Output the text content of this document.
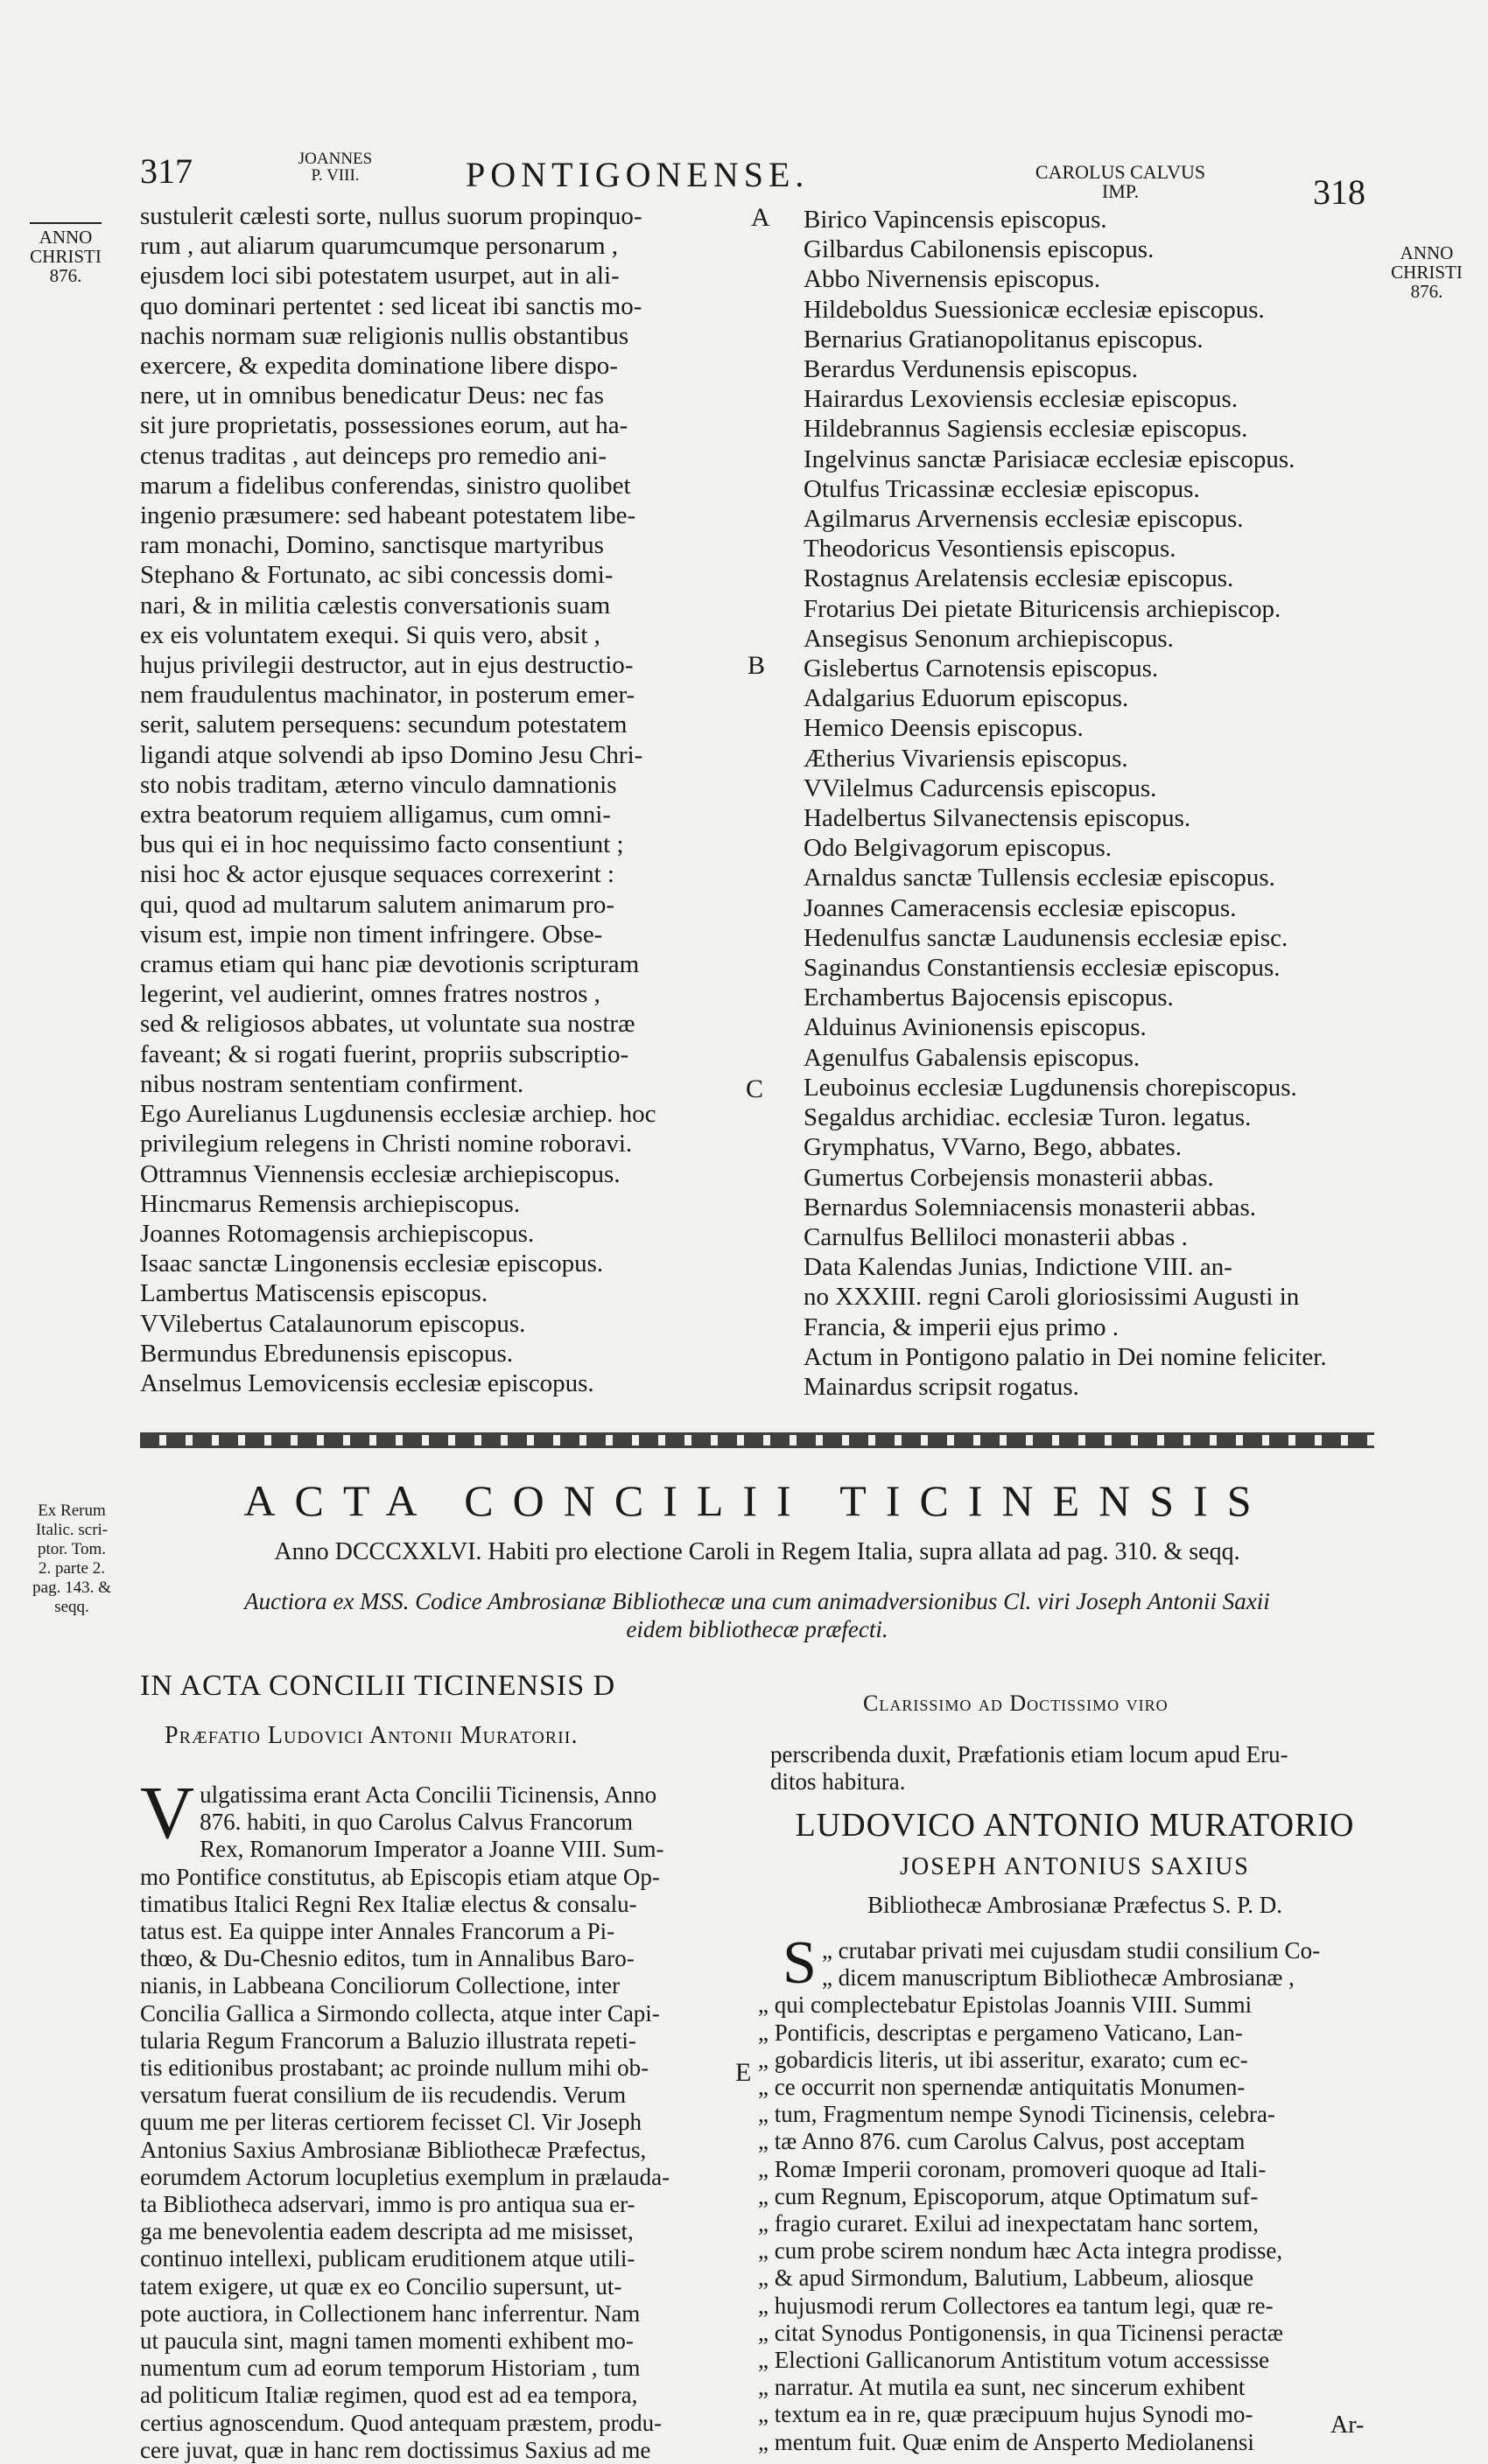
317	JOANNES
P. VIII.	PONTIGONENSE.	CAROLUS CALVUS
IMP.	318
ANNO
CHRISTI
876.
ANNO
CHRISTI
876.
A
B
C
sustulerit cælesti sorte, nullus suorum propinquo-
rum , aut aliarum quarumcumque personarum ,
ejusdem loci sibi potestatem usurpet, aut in ali-
quo dominari pertentet : sed liceat ibi sanctis mo-
nachis normam suæ religionis nullis obstantibus
exercere, & expedita dominatione libere dispo-
nere, ut in omnibus benedicatur Deus: nec fas
sit jure proprietatis, possessiones eorum, aut ha-
ctenus traditas , aut deinceps pro remedio ani-
marum a fidelibus conferendas, sinistro quolibet
ingenio præsumere: sed habeant potestatem libe-
ram monachi, Domino, sanctisque martyribus
Stephano & Fortunato, ac sibi concessis domi-
nari, & in militia cælestis conversationis suam
ex eis voluntatem exequi. Si quis vero, absit ,
hujus privilegii destructor, aut in ejus destructio-
nem fraudulentus machinator, in posterum emer-
serit, salutem persequens: secundum potestatem
ligandi atque solvendi ab ipso Domino Jesu Chri-
sto nobis traditam, æterno vinculo damnationis
extra beatorum requiem alligamus, cum omni-
bus qui ei in hoc nequissimo facto consentiunt ;
nisi hoc & actor ejusque sequaces correxerint :
qui, quod ad multarum salutem animarum pro-
visum est, impie non timent infringere. Obse-
cramus etiam qui hanc piæ devotionis scripturam
legerint, vel audierint, omnes fratres nostros ,
sed & religiosos abbates, ut voluntate sua nostræ
faveant; & si rogati fuerint, propriis subscriptio-
nibus nostram sententiam confirment.
Ego Aurelianus Lugdunensis ecclesiæ archiep. hoc
privilegium relegens in Christi nomine roboravi.
Ottramnus Viennensis ecclesiæ archiepiscopus.
Hincmarus Remensis archiepiscopus.
Joannes Rotomagensis archiepiscopus.
Isaac sanctæ Lingonensis ecclesiæ episcopus.
Lambertus Matiscensis episcopus.
VVilebertus Catalaunorum episcopus.
Bermundus Ebredunensis episcopus.
Anselmus Lemovicensis ecclesiæ episcopus.
Birico Vapincensis episcopus.
Gilbardus Cabilonensis episcopus.
Abbo Nivernensis episcopus.
Hildeboldus Suessionicæ ecclesiæ episcopus.
Bernarius Gratianopolitanus episcopus.
Berardus Verdunensis episcopus.
Hairardus Lexoviensis ecclesiæ episcopus.
Hildebrannus Sagiensis ecclesiæ episcopus.
Ingelvinus sanctæ Parisiacæ ecclesiæ episcopus.
Otulfus Tricassinæ ecclesiæ episcopus.
Agilmarus Arvernensis ecclesiæ episcopus.
Theodoricus Vesontiensis episcopus.
Rostagnus Arelatensis ecclesiæ episcopus.
Frotarius Dei pietate Bituricensis archiepiscop.
Ansegisus Senonum archiepiscopus.
Gislebertus Carnotensis episcopus.
Adalgarius Eduorum episcopus.
Hemico Deensis episcopus.
Ætherius Vivariensis episcopus.
VVilelmus Cadurcensis episcopus.
Hadelbertus Silvanectensis episcopus.
Odo Belgivagorum episcopus.
Arnaldus sanctæ Tullensis ecclesiæ episcopus.
Joannes Cameracensis ecclesiæ episcopus.
Hedenulfus sanctæ Laudunensis ecclesiæ episc.
Saginandus Constantiensis ecclesiæ episcopus.
Erchambertus Bajocensis episcopus.
Alduinus Avinionensis episcopus.
Agenulfus Gabalensis episcopus.
Leuboinus ecclesiæ Lugdunensis chorepiscopus.
Segaldus archidiac. ecclesiæ Turon. legatus.
Grymphatus, VVarno, Bego, abbates.
Gumertus Corbejensis monasterii abbas.
Bernardus Solemniacensis monasterii abbas.
Carnulfus Belliloci monasterii abbas .
Data Kalendas Junias, Indictione VIII. an-
no XXXIII. regni Caroli gloriosissimi Augusti in
Francia, & imperii ejus primo .
Actum in Pontigono palatio in Dei nomine feliciter.
Mainardus scripsit rogatus.
Ex Rerum
Italic. scri-
ptor. Tom.
2. parte 2.
pag. 143. &
seqq.
ACTA CONCILII TICINENSIS
Anno DCCCXXLVI. Habiti pro electione Caroli in Regem Italia, supra allata ad pag. 310. & seqq.
Auctiora ex MSS. Codice Ambrosianæ Bibliothecæ una cum animadversionibus Cl. viri Joseph Antonii Saxii
eidem bibliothecæ præfecti.
IN ACTA CONCILII TICINENSIS D
Præfatio Ludovici Antonii Muratorii.
V ulgatissima erant Acta Concilii Ticinensis, Anno
876. habiti, in quo Carolus Calvus Francorum
Rex, Romanorum Imperator a Joanne VIII. Sum-
mo Pontifice constitutus, ab Episcopis etiam atque Op-
timatibus Italici Regni Rex Italiæ electus & consalu-
tatus est. Ea quippe inter Annales Francorum a Pi-
thœo, & Du-Chesnio editos, tum in Annalibus Baro-
nianis, in Labbeana Conciliorum Collectione, inter
Concilia Gallica a Sirmondo collecta, atque inter Capi-
tularia Regum Francorum a Baluzio illustrata repeti-
tis editionibus prostabant; ac proinde nullum mihi ob-
versatum fuerat consilium de iis recudendis. Verum
quum me per literas certiorem fecisset Cl. Vir Joseph
Antonius Saxius Ambrosianæ Bibliothecæ Præfectus,
eorumdem Actorum locupletius exemplum in prælauda-
ta Bibliotheca adservari, immo is pro antiqua sua er-
ga me benevolentia eadem descripta ad me misisset,
continuo intellexi, publicam eruditionem atque utili-
tatem exigere, ut quæ ex eo Concilio supersunt, ut-
pote auctiora, in Collectionem hanc inferrentur. Nam
ut paucula sint, magni tamen momenti exhibent mo-
numentum cum ad eorum temporum Historiam , tum
ad politicum Italiæ regimen, quod est ad ea tempora,
certius agnoscendum. Quod antequam præstem, produ-
cere juvat, quæ in hanc rem doctissimus Saxius ad me
E
Clarissimo ad Doctissimo viro
perscribenda duxit, Præfationis etiam locum apud Eru-
ditos habitura.
LUDOVICO ANTONIO MURATORIO
JOSEPH ANTONIUS SAXIUS
Bibliothecæ Ambrosianæ Præfectus S. P. D.
S „ crutabar privati mei cujusdam studii consilium Co-
„ dicem manuscriptum Bibliothecæ Ambrosianæ ,
„ qui complectebatur Epistolas Joannis VIII. Summi
„ Pontificis, descriptas e pergameno Vaticano, Lan-
„ gobardicis literis, ut ibi asseritur, exarato; cum ec-
„ ce occurrit non spernendæ antiquitatis Monumen-
„ tum, Fragmentum nempe Synodi Ticinensis, celebra-
„ tæ Anno 876. cum Carolus Calvus, post acceptam
„ Romæ Imperii coronam, promoveri quoque ad Itali-
„ cum Regnum, Episcoporum, atque Optimatum suf-
„ fragio curaret. Exilui ad inexpectatam hanc sortem,
„ cum probe scirem nondum hæc Acta integra prodisse,
„ & apud Sirmondum, Balutium, Labbeum, aliosque
„ hujusmodi rerum Collectores ea tantum legi, quæ re-
„ citat Synodus Pontigonensis, in qua Ticinensi peractæ
„ Electioni Gallicanorum Antistitum votum accessisse
„ narratur. At mutila ea sunt, nec sincerum exhibent
„ textum ea in re, quæ præcipuum hujus Synodi mo-
„ mentum fuit. Quæ enim de Ansperto Mediolanensi
Ar-
